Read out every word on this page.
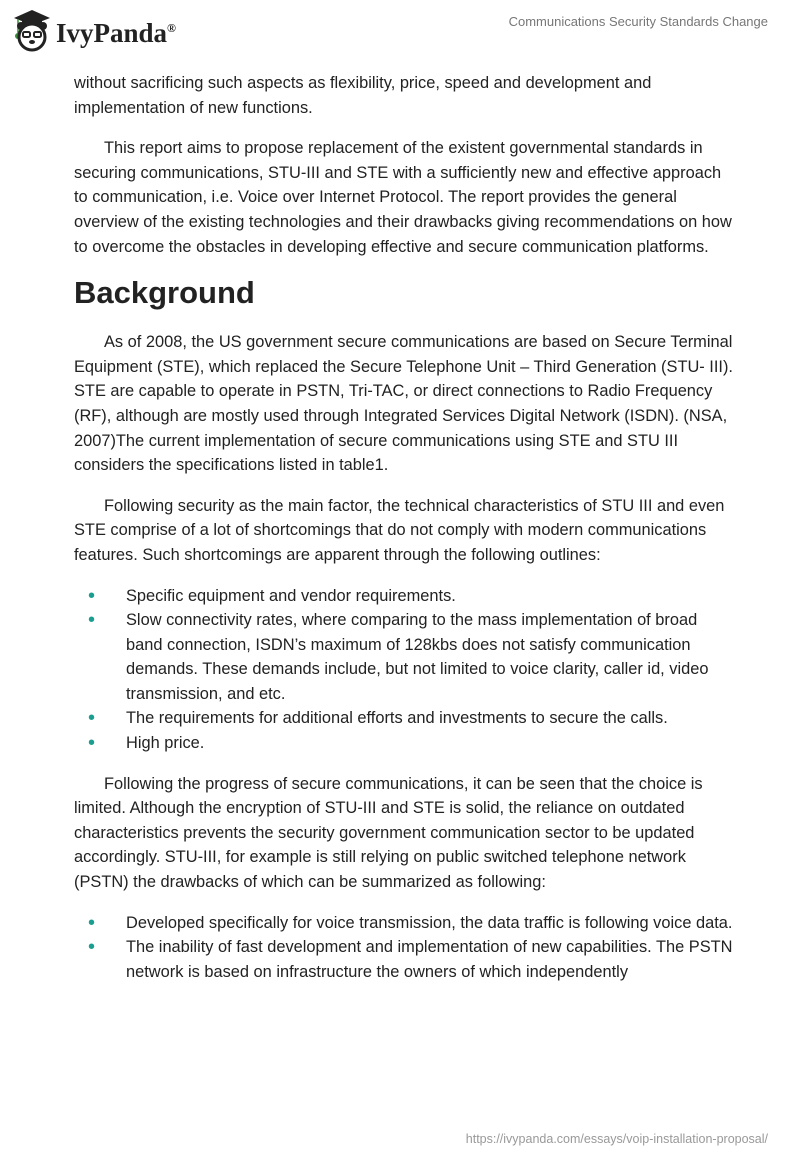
IvyPanda®	Communications Security Standards Change

without sacrificing such aspects as flexibility, price, speed and development and implementation of new functions.

This report aims to propose replacement of the existent governmental standards in securing communications, STU-III and STE with a sufficiently new and effective approach to communication, i.e. Voice over Internet Protocol. The report provides the general overview of the existing technologies and their drawbacks giving recommendations on how to overcome the obstacles in developing effective and secure communication platforms.

Background

As of 2008, the US government secure communications are based on Secure Terminal Equipment (STE), which replaced the Secure Telephone Unit – Third Generation (STU- III). STE are capable to operate in PSTN, Tri-TAC, or direct connections to Radio Frequency (RF), although are mostly used through Integrated Services Digital Network (ISDN). (NSA, 2007)The current implementation of secure communications using STE and STU III considers the specifications listed in table1.

Following security as the main factor, the technical characteristics of STU III and even STE comprise of a lot of shortcomings that do not comply with modern communications features. Such shortcomings are apparent through the following outlines:

• Specific equipment and vendor requirements.
• Slow connectivity rates, where comparing to the mass implementation of broad band connection, ISDN’s maximum of 128kbs does not satisfy communication demands. These demands include, but not limited to voice clarity, caller id, video transmission, and etc.
• The requirements for additional efforts and investments to secure the calls.
• High price.

Following the progress of secure communications, it can be seen that the choice is limited. Although the encryption of STU-III and STE is solid, the reliance on outdated characteristics prevents the security government communication sector to be updated accordingly. STU-III, for example is still relying on public switched telephone network (PSTN) the drawbacks of which can be summarized as following:

• Developed specifically for voice transmission, the data traffic is following voice data.
• The inability of fast development and implementation of new capabilities. The PSTN network is based on infrastructure the owners of which independently
https://ivypanda.com/essays/voip-installation-proposal/
